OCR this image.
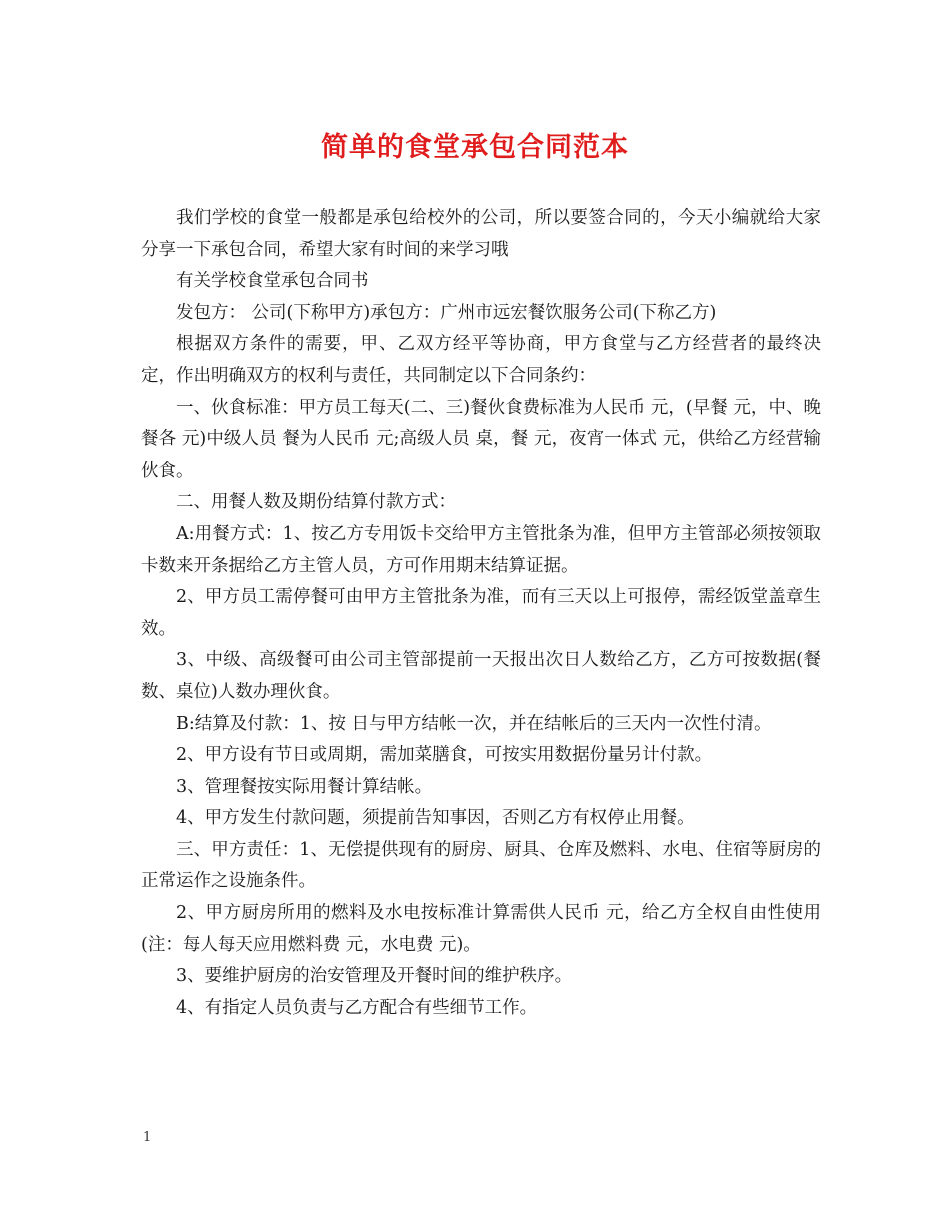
简单的食堂承包合同范本

我们学校的食堂一般都是承包给校外的公司，所以要签合同的，今天小编就给大家分享一下承包合同，希望大家有时间的来学习哦

有关学校食堂承包合同书

发包方： 公司(下称甲方)承包方：广州市远宏餐饮服务公司(下称乙方)

根据双方条件的需要，甲、乙双方经平等协商，甲方食堂与乙方经营者的最终决定，作出明确双方的权利与责任，共同制定以下合同条约：

一、伙食标准：甲方员工每天(二、三)餐伙食费标准为人民币 元，(早餐 元，中、晚餐各 元)中级人员 餐为人民币 元;高级人员 桌，餐 元，夜宵一体式 元，供给乙方经营输伙食。

二、用餐人数及期份结算付款方式：

A:用餐方式：1、按乙方专用饭卡交给甲方主管批条为准，但甲方主管部必须按领取卡数来开条据给乙方主管人员，方可作用期末结算证据。

2、甲方员工需停餐可由甲方主管批条为准，而有三天以上可报停，需经饭堂盖章生效。

3、中级、高级餐可由公司主管部提前一天报出次日人数给乙方，乙方可按数据(餐数、桌位)人数办理伙食。

B:结算及付款：1、按 日与甲方结帐一次，并在结帐后的三天内一次性付清。

2、甲方设有节日或周期，需加菜膳食，可按实用数据份量另计付款。

3、管理餐按实际用餐计算结帐。

4、甲方发生付款问题，须提前告知事因，否则乙方有权停止用餐。

三、甲方责任：1、无偿提供现有的厨房、厨具、仓库及燃料、水电、住宿等厨房的正常运作之设施条件。

2、甲方厨房所用的燃料及水电按标准计算需供人民币 元，给乙方全权自由性使用(注：每人每天应用燃料费 元，水电费 元)。

3、要维护厨房的治安管理及开餐时间的维护秩序。

4、有指定人员负责与乙方配合有些细节工作。

1
